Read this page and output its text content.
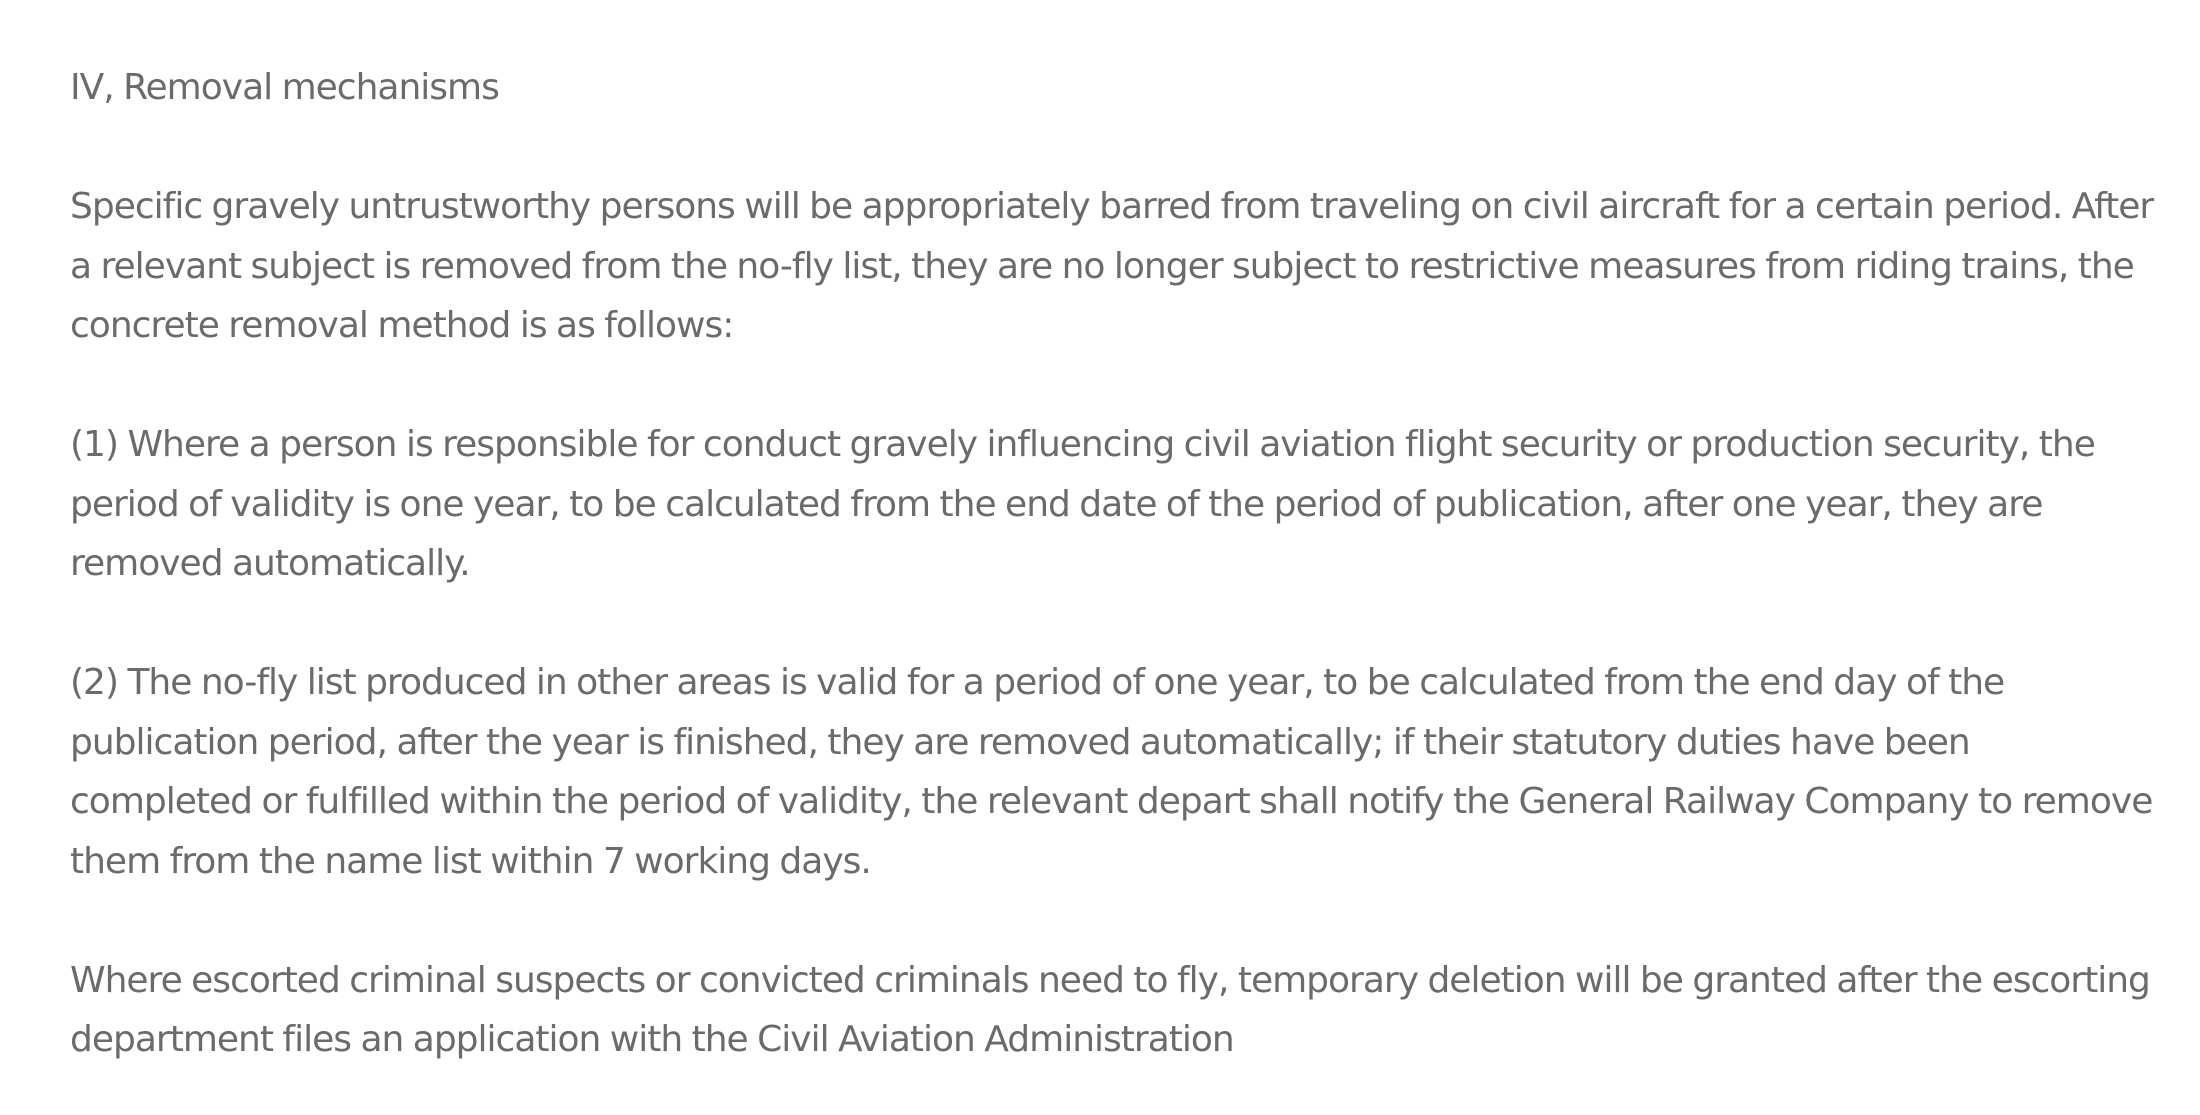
IV, Removal mechanisms

Specific gravely untrustworthy persons will be appropriately barred from traveling on civil aircraft for a certain period. After a relevant subject is removed from the no-fly list, they are no longer subject to restrictive measures from riding trains, the concrete removal method is as follows:

(1) Where a person is responsible for conduct gravely influencing civil aviation flight security or production security, the period of validity is one year, to be calculated from the end date of the period of publication, after one year, they are removed automatically.

(2) The no-fly list produced in other areas is valid for a period of one year, to be calculated from the end day of the publication period, after the year is finished, they are removed automatically; if their statutory duties have been completed or fulfilled within the period of validity, the relevant depart shall notify the General Railway Company to remove them from the name list within 7 working days.

Where escorted criminal suspects or convicted criminals need to fly, temporary deletion will be granted after the escorting department files an application with the Civil Aviation Administration
